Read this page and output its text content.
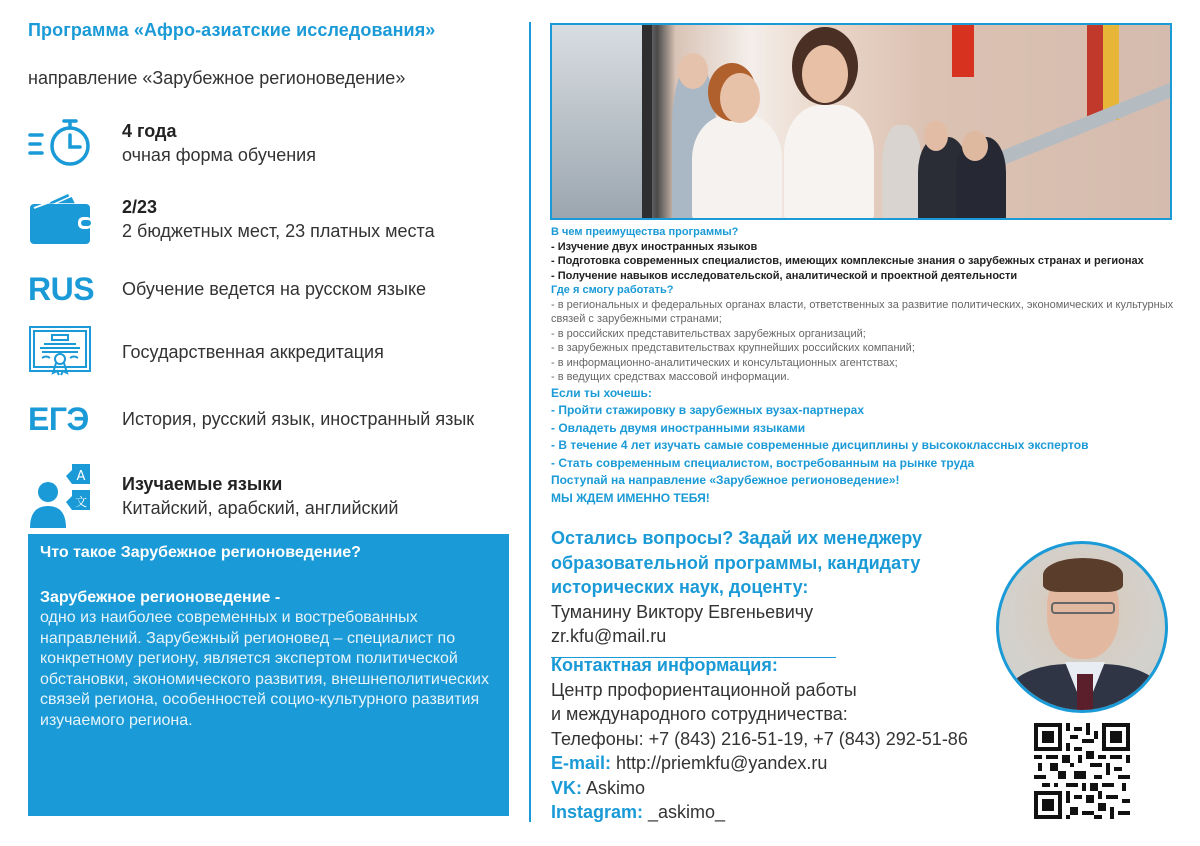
Программа «Афро-азиатские исследования»
направление «Зарубежное регионоведение»
4 года
очная форма обучения
2/23
2 бюджетных мест, 23 платных места
RUS Обучение ведется на русском языке
Государственная аккредитация
ЕГЭ История, русский язык, иностранный язык
A
文
Изучаемые языки
Китайский, арабский, английский
Что такое Зарубежное регионоведение?
Зарубежное регионоведение -
одно из наиболее современных и востребованных направлений. Зарубежный регионовед – специалист по конкретному региону, является экспертом политической обстановки, экономического развития, внешнеполитических связей региона, особенностей социо-культурного развития изучаемого региона.
В чем преимущества программы?
- Изучение двух иностранных языков
- Подготовка современных специалистов, имеющих комплексные знания о зарубежных странах и регионах
- Получение навыков исследовательской, аналитической и проектной деятельности
Где я смогу работать?
- в региональных и федеральных органах власти, ответственных за развитие политических, экономических и культурных связей с зарубежными странами;
- в российских представительствах зарубежных организаций;
- в зарубежных представительствах крупнейших российских компаний;
- в информационно-аналитических и консультационных агентствах;
- в ведущих средствах массовой информации.
Если ты хочешь:
- Пройти стажировку в зарубежных вузах-партнерах
- Овладеть двумя иностранными языками
- В течение 4 лет изучать самые современные дисциплины у высококлассных экспертов
- Стать современным специалистом, востребованным на рынке труда
Поступай на направление «Зарубежное регионоведение»!
МЫ ЖДЕМ ИМЕННО ТЕБЯ!
Остались вопросы? Задай их менеджеру образовательной программы, кандидату исторических наук, доценту:
Туманину Виктору Евгеньевичу
zr.kfu@mail.ru
Контактная информация:
Центр профориентационной работы
и международного сотрудничества:
Телефоны: +7 (843) 216-51-19, +7 (843) 292-51-86
E-mail: http://priemkfu@yandex.ru
VK: Askimo
Instagram: _askimo_
